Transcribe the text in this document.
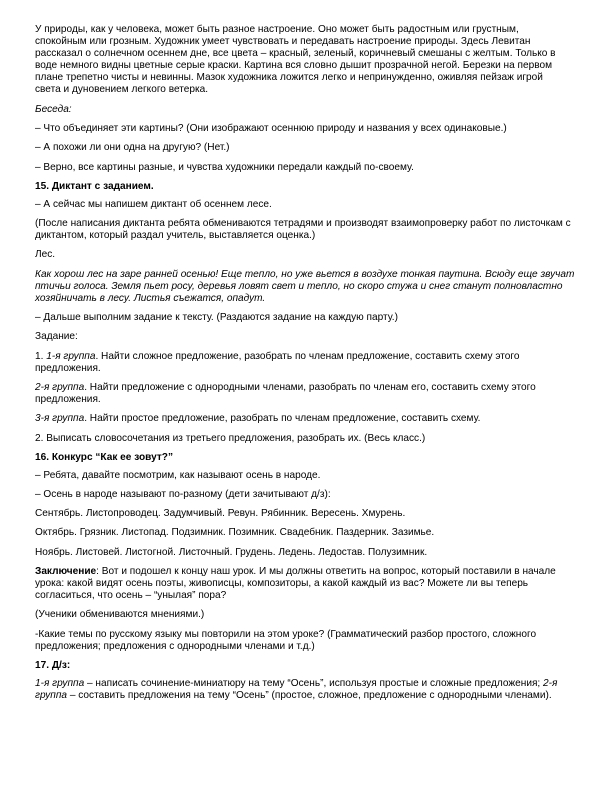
У природы, как у человека, может быть разное настроение. Оно может быть радостным или грустным,
спокойным или грозным. Художник умеет чувствовать и передавать настроение природы. Здесь Левитан
рассказал о солнечном осеннем дне, все цвета – красный, зеленый, коричневый смешаны с желтым. Только в
воде немного видны цветные серые краски. Картина вся словно дышит прозрачной негой. Березки на первом
плане трепетно чисты и невинны. Мазок художника ложится легко и непринужденно, оживляя пейзаж игрой
света и дуновением легкого ветерка.

Беседа:

– Что объединяет эти картины? (Они изображают осеннюю природу и названия у всех одинаковые.)

– А похожи ли они одна на другую? (Нет.)

– Верно, все картины разные, и чувства художники передали каждый по-своему.

15. Диктант с заданием.

– А сейчас мы напишем диктант об осеннем лесе.

(После написания диктанта ребята обмениваются тетрадями и производят взаимопроверку работ по листочкам с
диктантом, который раздал учитель, выставляется оценка.)

Лес.

Как хорош лес на заре ранней осенью! Еще тепло, но уже вьется в воздухе тонкая паутина. Всюду еще звучат
птичьи голоса. Земля пьет росу, деревья ловят свет и тепло, но скоро стужа и снег станут полновластно
хозяйничать в лесу. Листья съежатся, опадут.

– Дальше выполним задание к тексту. (Раздаются задание на каждую парту.)

Задание:

1. 1-я группа. Найти сложное предложение, разобрать по членам предложение, составить схему этого
предложения.

2-я группа. Найти предложение с однородными членами, разобрать по членам его, составить схему этого
предложения.

3-я группа. Найти простое предложение, разобрать по членам предложение, составить схему.

2. Выписать словосочетания из третьего предложения, разобрать их. (Весь класс.)

16. Конкурс “Как ее зовут?”

– Ребята, давайте посмотрим, как называют осень в народе.

– Осень в народе называют по-разному (дети зачитывают д/з):

Сентябрь. Листопроводец. Задумчивый. Ревун. Рябинник. Вересень. Хмурень.

Октябрь. Грязник. Листопад. Подзимник. Позимник. Свадебник. Паздерник. Зазимье.

Ноябрь. Листовей. Листогной. Листочный. Грудень. Ледень. Ледостав. Полузимник.

Заключение: Вот и подошел к концу наш урок. И мы должны ответить на вопрос, который поставили в начале
урока: какой видят осень поэты, живописцы, композиторы, а какой каждый из вас? Можете ли вы теперь
согласиться, что осень – “унылая” пора?

(Ученики обмениваются мнениями.)

-Какие темы по русскому языку мы повторили на этом уроке? (Грамматический разбор простого, сложного
предложения; предложения с однородными членами и т.д.)

17. Д/з:

1-я группа – написать сочинение-миниатюру на тему “Осень”, используя простые и сложные предложения; 2-я
группа – составить предложения на тему “Осень” (простое, сложное, предложение с однородными членами).
